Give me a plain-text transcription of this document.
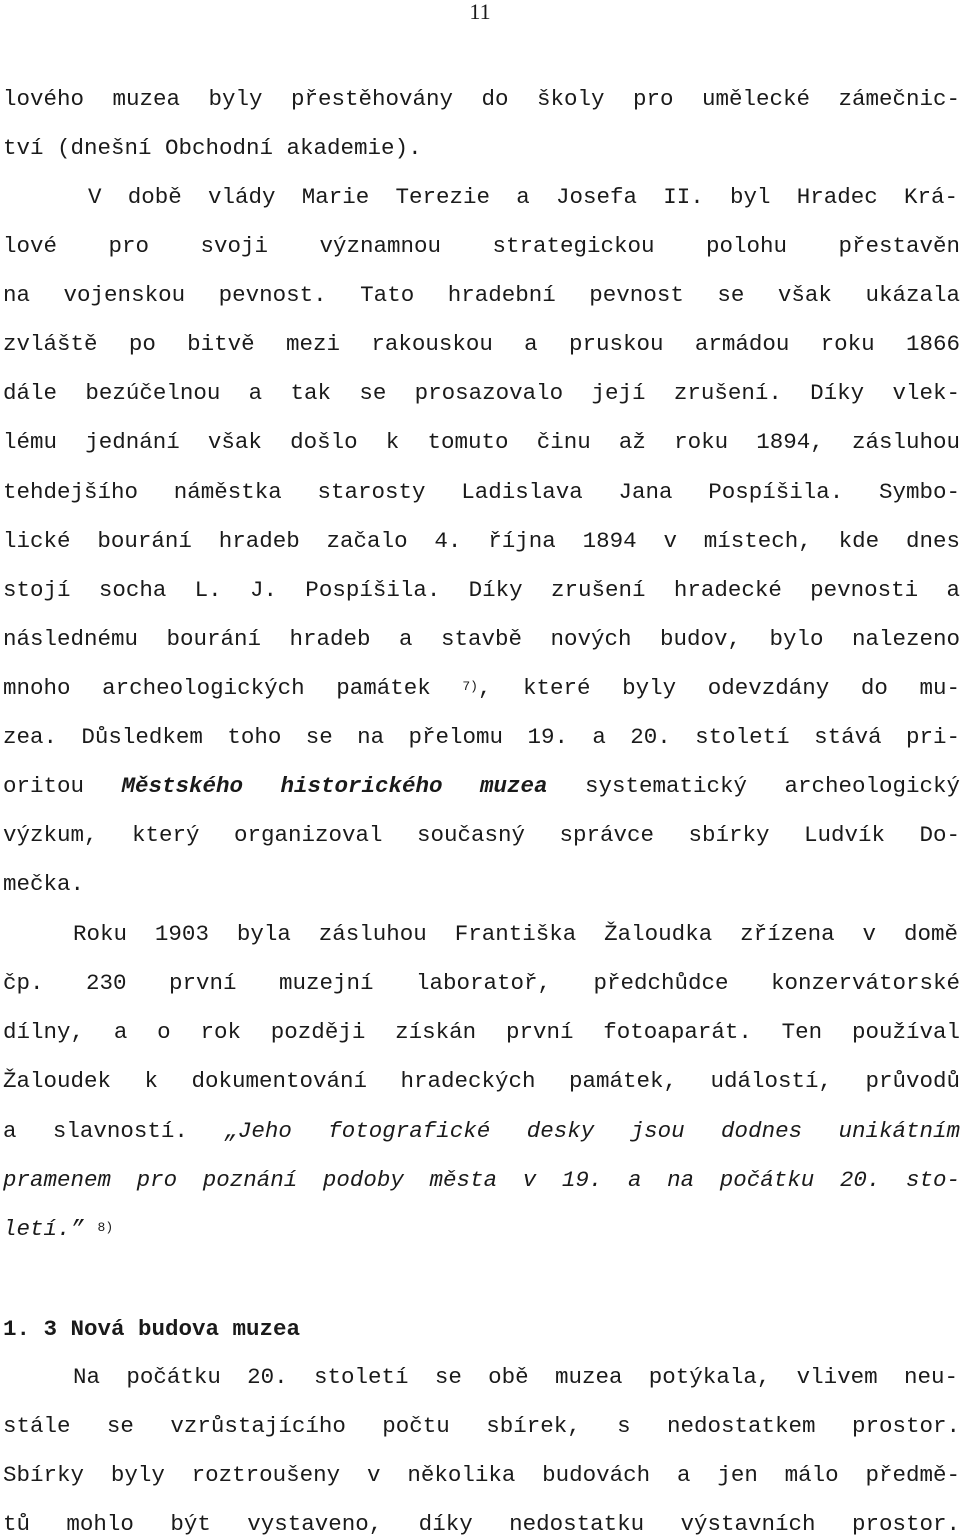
11
lového muzea byly přestěhovány do školy pro umělecké zámečnic-
tví (dnešní Obchodní akademie).
V době vlády Marie Terezie a Josefa II. byl Hradec Krá-
lové pro svoji významnou strategickou polohu přestavěn
na vojenskou pevnost. Tato hradební pevnost se však ukázala
zvláště po bitvě mezi rakouskou a pruskou armádou roku 1866
dále bezúčelnou a tak se prosazovalo její zrušení. Díky vlek-
lému jednání však došlo k tomuto činu až roku 1894, zásluhou
tehdejšího náměstka starosty Ladislava Jana Pospíšila. Symbo-
lické bourání hradeb začalo 4. října 1894 v místech, kde dnes
stojí socha L. J. Pospíšila. Díky zrušení hradecké pevnosti a
následnému bourání hradeb a stavbě nových budov, bylo nalezeno
mnoho archeologických památek $^{7)}$, které byly odevzdány do mu-
zea. Důsledkem toho se na přelomu 19. a 20. století stává pri-
oritou Městského historického muzea systematický archeologický
výzkum, který organizoval současný správce sbírky Ludvík Do-
mečka.
Roku 1903 byla zásluhou Františka Žaloudka zřízena v domě
čp. 230 první muzejní laboratoř, předchůdce konzervátorské
dílny, a o rok později získán první fotoaparát. Ten používal
Žaloudek k dokumentování hradeckých památek, událostí, průvodů
a slavností. „Jeho fotografické desky jsou dodnes unikátním
pramenem pro poznání podoby města v 19. a na počátku 20. sto-
letí.” $^{8)}$
1. 3 Nová budova muzea
Na počátku 20. století se obě muzea potýkala, vlivem neu-
stále se vzrůstajícího počtu sbírek, s nedostatkem prostor.
Sbírky byly roztroušeny v několika budovách a jen málo předmě-
tů mohlo být vystaveno, díky nedostatku výstavních prostor.
